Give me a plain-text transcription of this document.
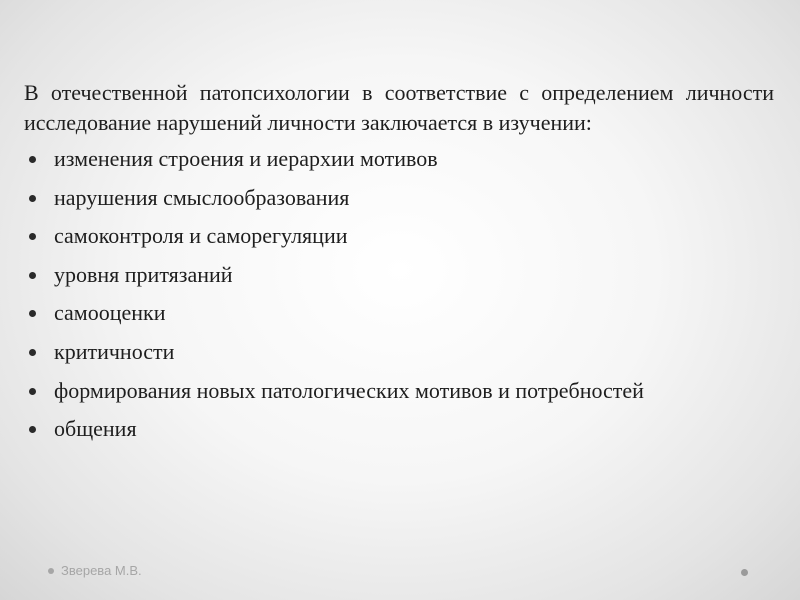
В отечественной патопсихологии в соответствие с определением личности исследование нарушений личности заключается в изучении:

изменения строения и иерархии мотивов
нарушения смыслообразования
самоконтроля и саморегуляции
уровня притязаний
самооценки
критичности
формирования новых патологических мотивов и потребностей
общения
Зверева М.В.
